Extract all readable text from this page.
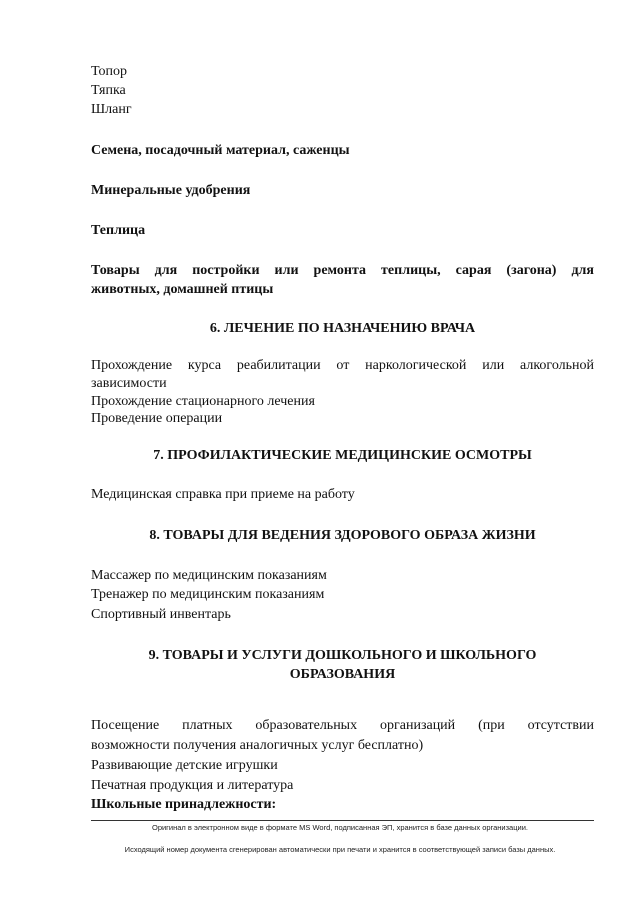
Топор
Тяпка
Шланг
Семена, посадочный материал, саженцы
Минеральные удобрения
Теплица
Товары для постройки или ремонта теплицы, сарая (загона) для
животных, домашней птицы
6. ЛЕЧЕНИЕ ПО НАЗНАЧЕНИЮ ВРАЧА
Прохождение курса реабилитации от наркологической или алкогольной
зависимости
Прохождение стационарного лечения
Проведение операции
7. ПРОФИЛАКТИЧЕСКИЕ МЕДИЦИНСКИЕ ОСМОТРЫ
Медицинская справка при приеме на работу
8. ТОВАРЫ ДЛЯ ВЕДЕНИЯ ЗДОРОВОГО ОБРАЗА ЖИЗНИ
Массажер по медицинским показаниям
Тренажер по медицинским показаниям
Спортивный инвентарь
9. ТОВАРЫ И УСЛУГИ ДОШКОЛЬНОГО И ШКОЛЬНОГО
ОБРАЗОВАНИЯ
Посещение платных образовательных организаций (при отсутствии
возможности получения аналогичных услуг бесплатно)
Развивающие детские игрушки
Печатная продукция и литература
Школьные принадлежности:
Оригинал в электронном виде в формате MS Word, подписанная ЭП, хранится в базе данных организации.
Исходящий номер документа сгенерирован автоматически при печати и хранится в соответствующей записи базы данных.
